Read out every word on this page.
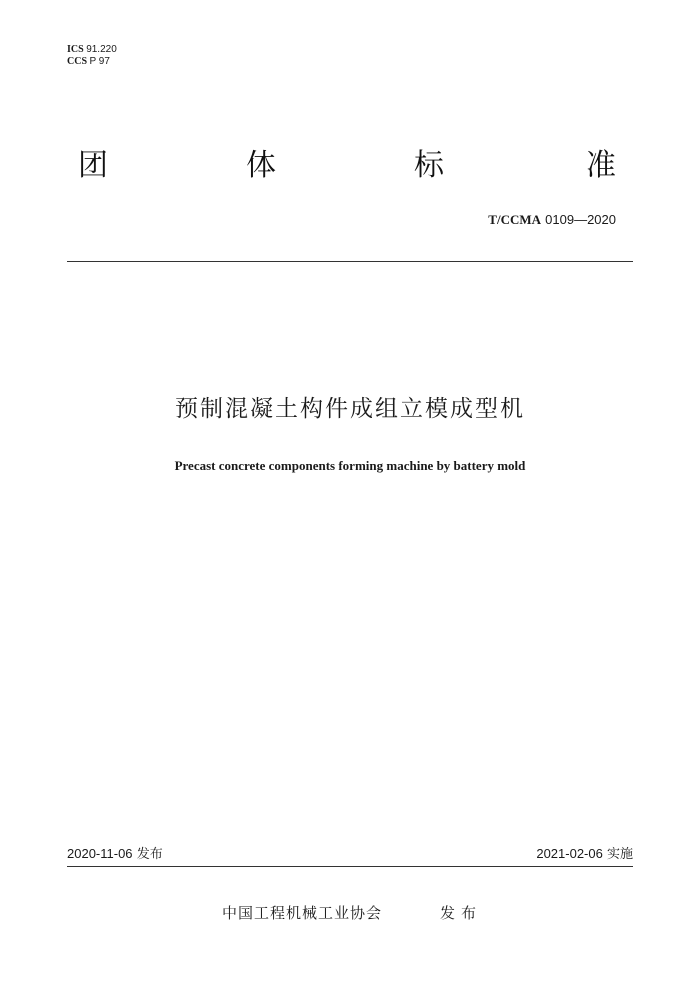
ICS 91.220
CCS P 97
团	体	标	准
T/CCMA 0109—2020
预制混凝土构件成组立模成型机
Precast concrete components forming machine by battery mold
2020-11-06 发布	2021-02-06 实施
中国工程机械工业协会	发布
